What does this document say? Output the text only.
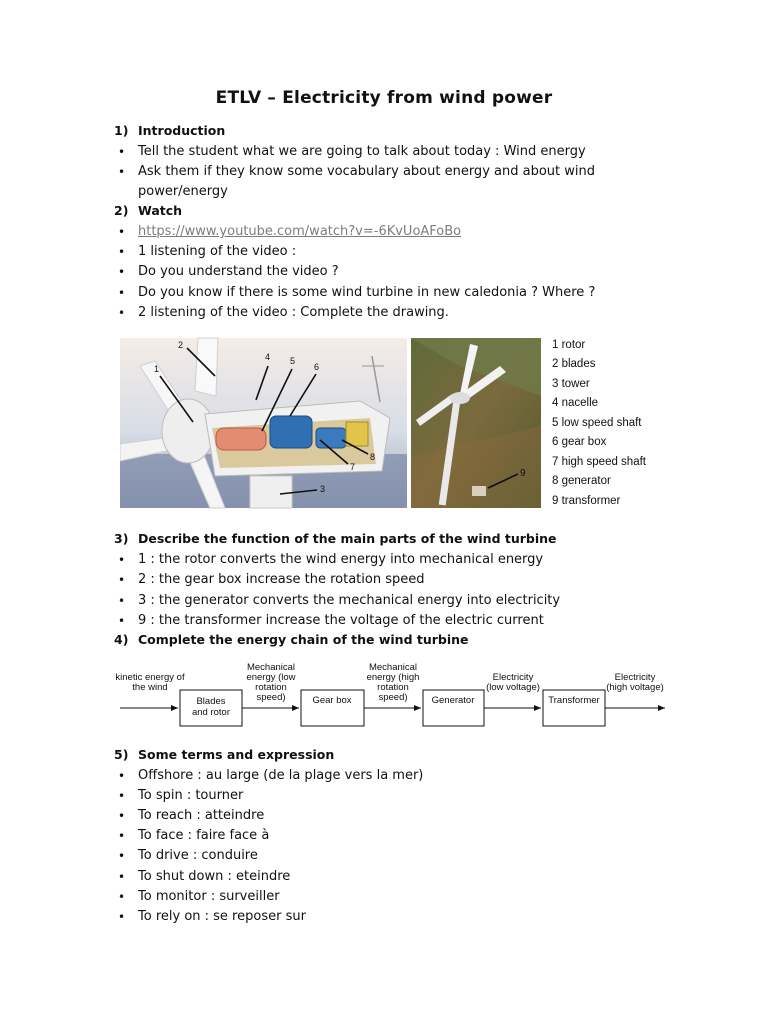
ETLV – Electricity from wind power
1) Introduction
• Tell the student what we are going to talk about today : Wind energy
• Ask them if they know some vocabulary about energy and about wind
power/energy
2) Watch
• https://www.youtube.com/watch?v=-6KvUoAFoBo
• 1 listening of the video :
• Do you understand the video ?
• Do you know if there is some wind turbine in new caledonia ? Where ?
• 2 listening of the video : Complete the drawing.
2
1
4 5
6
7
8
3
9
1 rotor
2 blades
3 tower
4 nacelle
5 low speed shaft
6 gear box
7 high speed shaft
8 generator
9 transformer
3) Describe the function of the main parts of the wind turbine
• 1 : the rotor converts the wind energy into mechanical energy
• 2 : the gear box increase the rotation speed
• 3 : the generator converts the mechanical energy into electricity
• 9 : the transformer increase the voltage of the electric current
4) Complete the energy chain of the wind turbine
Blades
and rotor
Gear box	Generator	Transformer
kinetic energy of
the wind
Mechanical
energy (low
rotation
speed)
Mechanical
energy (high
rotation
speed)
Electricity
(low voltage)
Electricity
(high voltage)
5) Some terms and expression
• Offshore : au large (de la plage vers la mer)
• To spin : tourner
• To reach : atteindre
• To face : faire face à
• To drive : conduire
• To shut down : eteindre
• To monitor : surveiller
• To rely on : se reposer sur
